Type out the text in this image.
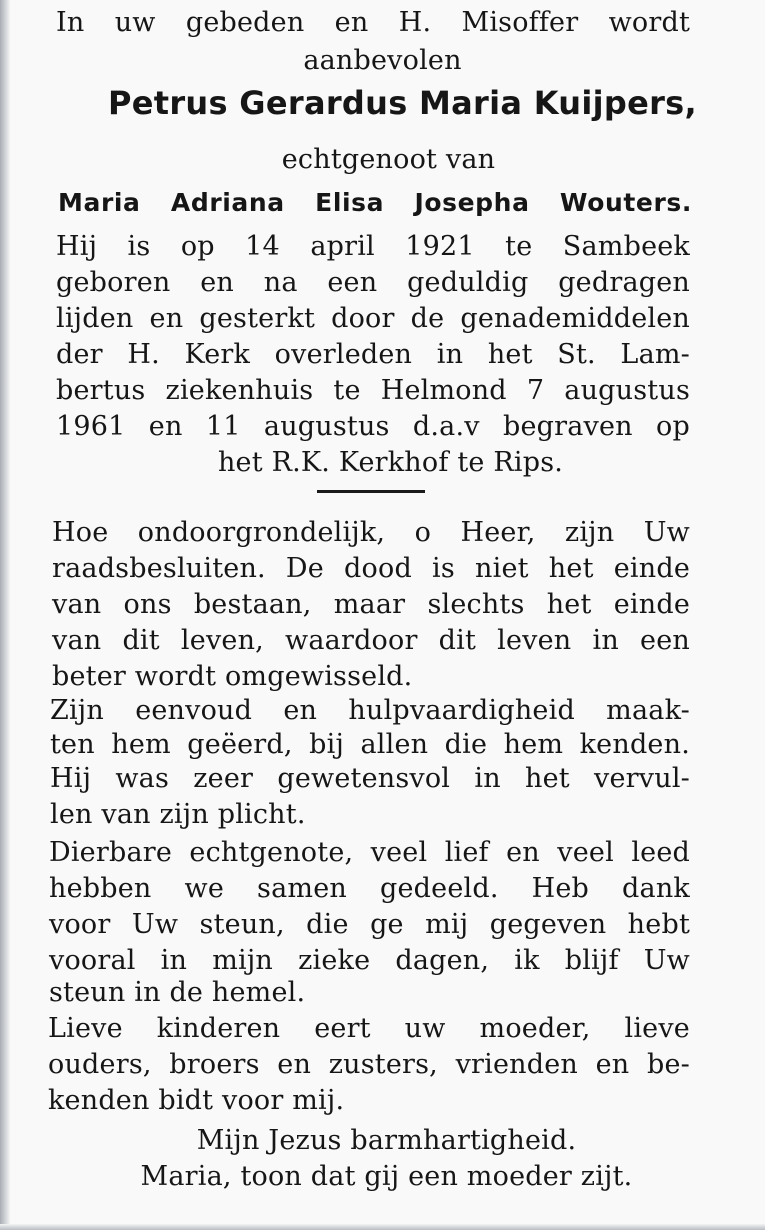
In uw gebeden en H. Misoffer wordt
aanbevolen
Petrus Gerardus Maria Kuijpers,
echtgenoot van
Maria Adriana Elisa Josepha Wouters.
Hij is op 14 april 1921 te Sambeek
geboren en na een geduldig gedragen
lijden en gesterkt door de genademiddelen
der H. Kerk overleden in het St. Lam-
bertus ziekenhuis te Helmond 7 augustus
1961 en 11 augustus d.a.v begraven op
het R.K. Kerkhof te Rips.
Hoe ondoorgrondelijk, o Heer, zijn Uw
raadsbesluiten. De dood is niet het einde
van ons bestaan, maar slechts het einde
van dit leven, waardoor dit leven in een
beter wordt omgewisseld.
Zijn eenvoud en hulpvaardigheid maak-
ten hem geëerd, bij allen die hem kenden.
Hij was zeer gewetensvol in het vervul-
len van zijn plicht.
Dierbare echtgenote, veel lief en veel leed
hebben we samen gedeeld. Heb dank
voor Uw steun, die ge mij gegeven hebt
vooral in mijn zieke dagen, ik blijf Uw
steun in de hemel.
Lieve kinderen eert uw moeder, lieve
ouders, broers en zusters, vrienden en be-
kenden bidt voor mij.
Mijn Jezus barmhartigheid.
Maria, toon dat gij een moeder zijt.
